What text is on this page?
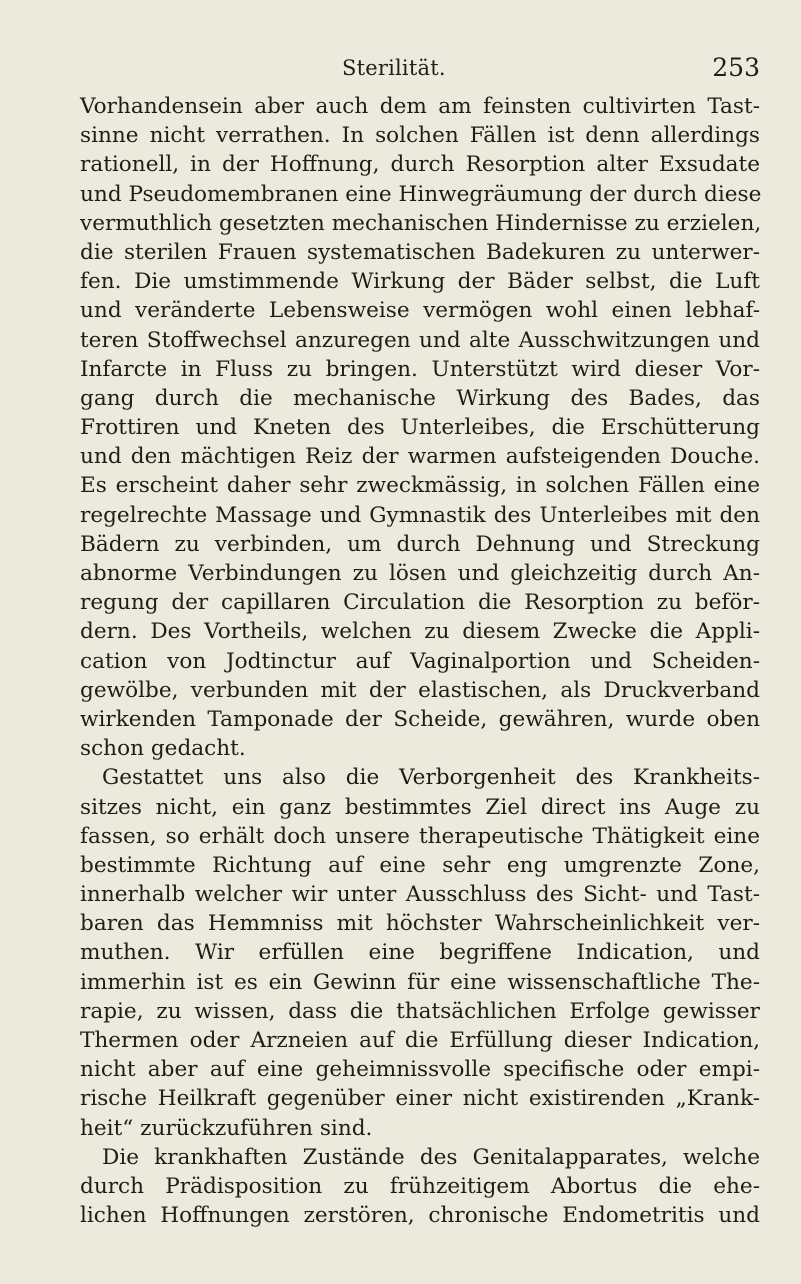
Sterilität.	253
Vorhandensein aber auch dem am feinsten cultivirten Tast-
sinne nicht verrathen. In solchen Fällen ist denn allerdings
rationell, in der Hoffnung, durch Resorption alter Exsudate
und Pseudomembranen eine Hinwegräumung der durch diese
vermuthlich gesetzten mechanischen Hindernisse zu erzielen,
die sterilen Frauen systematischen Badekuren zu unterwer-
fen. Die umstimmende Wirkung der Bäder selbst, die Luft
und veränderte Lebensweise vermögen wohl einen lebhaf-
teren Stoffwechsel anzuregen und alte Ausschwitzungen und
Infarcte in Fluss zu bringen. Unterstützt wird dieser Vor-
gang durch die mechanische Wirkung des Bades, das
Frottiren und Kneten des Unterleibes, die Erschütterung
und den mächtigen Reiz der warmen aufsteigenden Douche.
Es erscheint daher sehr zweckmässig, in solchen Fällen eine
regelrechte Massage und Gymnastik des Unterleibes mit den
Bädern zu verbinden, um durch Dehnung und Streckung
abnorme Verbindungen zu lösen und gleichzeitig durch An-
regung der capillaren Circulation die Resorption zu beför-
dern. Des Vortheils, welchen zu diesem Zwecke die Appli-
cation von Jodtinctur auf Vaginalportion und Scheiden-
gewölbe, verbunden mit der elastischen, als Druckverband
wirkenden Tamponade der Scheide, gewähren, wurde oben
schon gedacht.
Gestattet uns also die Verborgenheit des Krankheits-
sitzes nicht, ein ganz bestimmtes Ziel direct ins Auge zu
fassen, so erhält doch unsere therapeutische Thätigkeit eine
bestimmte Richtung auf eine sehr eng umgrenzte Zone,
innerhalb welcher wir unter Ausschluss des Sicht- und Tast-
baren das Hemmniss mit höchster Wahrscheinlichkeit ver-
muthen. Wir erfüllen eine begriffene Indication, und
immerhin ist es ein Gewinn für eine wissenschaftliche The-
rapie, zu wissen, dass die thatsächlichen Erfolge gewisser
Thermen oder Arzneien auf die Erfüllung dieser Indication,
nicht aber auf eine geheimnissvolle specifische oder empi-
rische Heilkraft gegenüber einer nicht existirenden „Krank-
heit“ zurückzuführen sind.
Die krankhaften Zustände des Genitalapparates, welche
durch Prädisposition zu frühzeitigem Abortus die ehe-
lichen Hoffnungen zerstören, chronische Endometritis und
